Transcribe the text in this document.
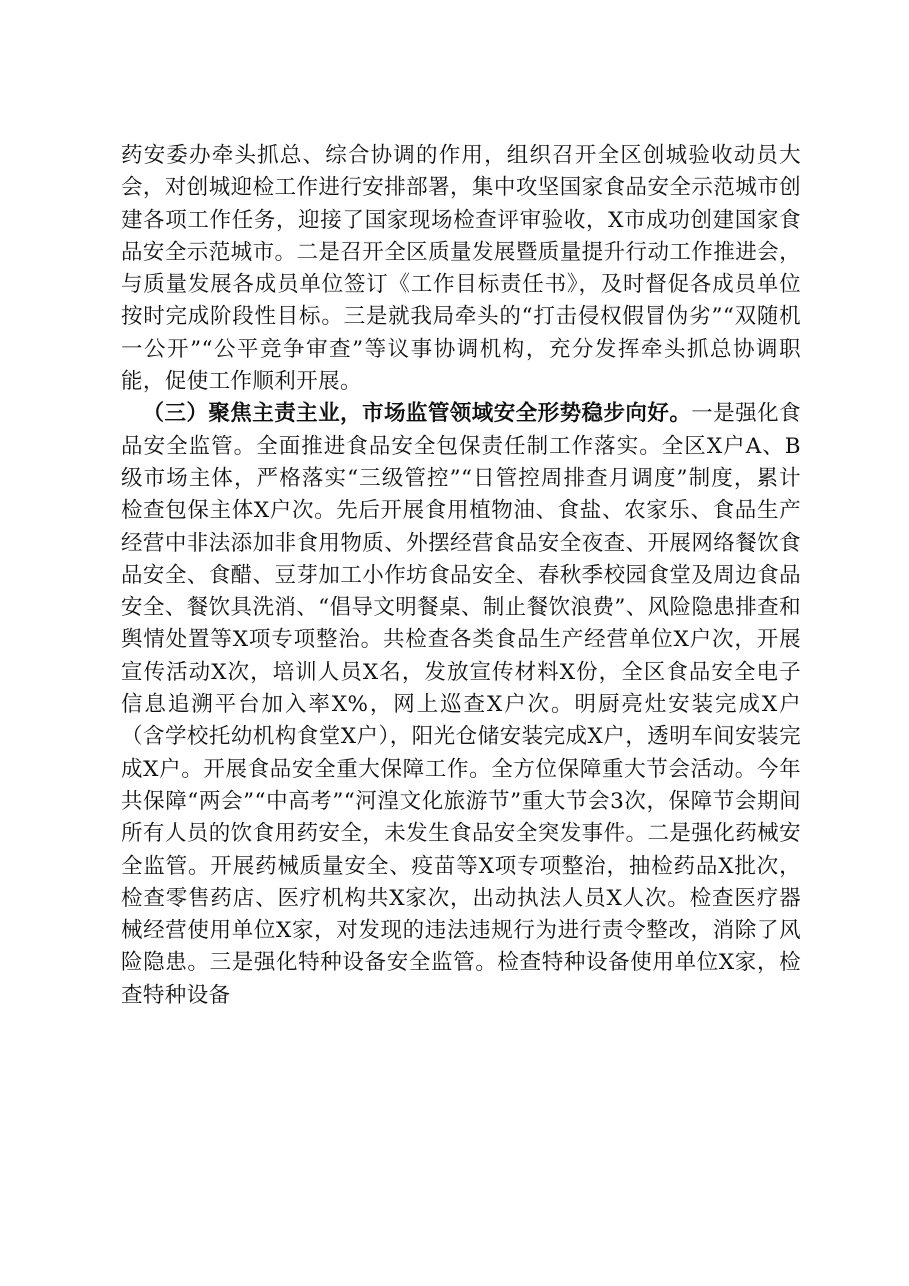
药安委办牵头抓总、综合协调的作用，组织召开全区创城验收动员大会，对创城迎检工作进行安排部署，集中攻坚国家食品安全示范城市创建各项工作任务，迎接了国家现场检查评审验收，X市成功创建国家食品安全示范城市。二是召开全区质量发展暨质量提升行动工作推进会，与质量发展各成员单位签订《工作目标责任书》，及时督促各成员单位按时完成阶段性目标。三是就我局牵头的“打击侵权假冒伪劣”“双随机一公开”“公平竞争审查”等议事协调机构，充分发挥牵头抓总协调职能，促使工作顺利开展。

（三）聚焦主责主业，市场监管领域安全形势稳步向好。一是强化食品安全监管。全面推进食品安全包保责任制工作落实。全区X户A、B级市场主体，严格落实“三级管控”“日管控周排查月调度”制度，累计检查包保主体X户次。先后开展食用植物油、食盐、农家乐、食品生产经营中非法添加非食用物质、外摆经营食品安全夜查、开展网络餐饮食品安全、食醋、豆芽加工小作坊食品安全、春秋季校园食堂及周边食品安全、餐饮具洗消、“倡导文明餐桌、制止餐饮浪费”、风险隐患排查和舆情处置等X项专项整治。共检查各类食品生产经营单位X户次，开展宣传活动X次，培训人员X名，发放宣传材料X份，全区食品安全电子信息追溯平台加入率X%，网上巡查X户次。明厨亮灶安装完成X户（含学校托幼机构食堂X户），阳光仓储安装完成X户，透明车间安装完成X户。开展食品安全重大保障工作。全方位保障重大节会活动。今年共保障“两会”“中高考”“河湟文化旅游节”重大节会3次，保障节会期间所有人员的饮食用药安全，未发生食品安全突发事件。二是强化药械安全监管。开展药械质量安全、疫苗等X项专项整治，抽检药品X批次，检查零售药店、医疗机构共X家次，出动执法人员X人次。检查医疗器械经营使用单位X家，对发现的违法违规行为进行责令整改，消除了风险隐患。三是强化特种设备安全监管。检查特种设备使用单位X家，检查特种设备
